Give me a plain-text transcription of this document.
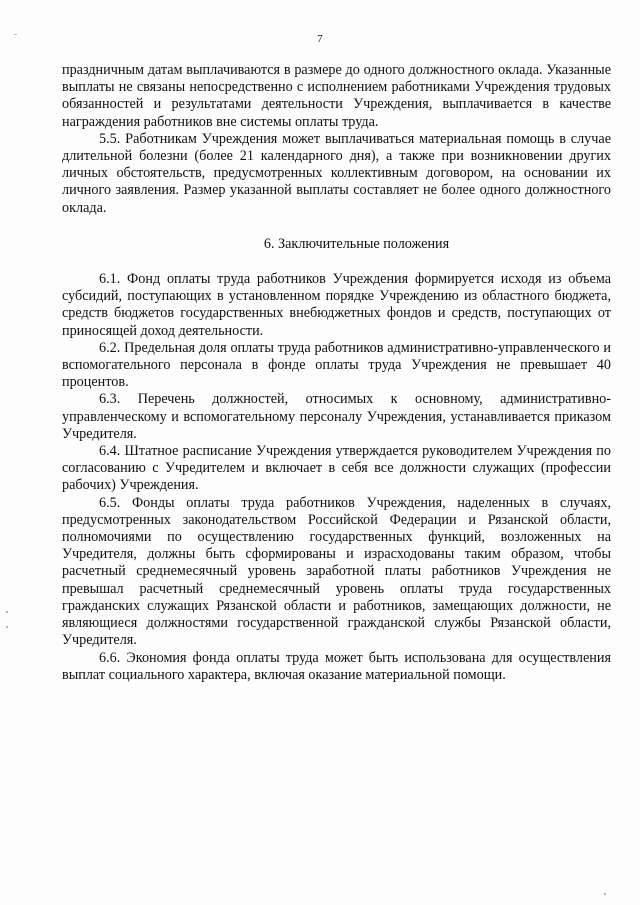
7

праздничным датам выплачиваются в размере до одного должностного оклада. Указанные выплаты не связаны непосредственно с исполнением работниками Учреждения трудовых обязанностей и результатами деятельности Учреждения, выплачивается в качестве награждения работников вне системы оплаты труда.

5.5. Работникам Учреждения может выплачиваться материальная помощь в случае длительной болезни (более 21 календарного дня), а также при возникновении других личных обстоятельств, предусмотренных коллективным договором, на основании их личного заявления. Размер указанной выплаты составляет не более одного должностного оклада.

6. Заключительные положения

6.1. Фонд оплаты труда работников Учреждения формируется исходя из объема субсидий, поступающих в установленном порядке Учреждению из областного бюджета, средств бюджетов государственных внебюджетных фондов и средств, поступающих от приносящей доход деятельности.

6.2. Предельная доля оплаты труда работников административно-управленческого и вспомогательного персонала в фонде оплаты труда Учреждения не превышает 40 процентов.

6.3. Перечень должностей, относимых к основному, административно-управленческому и вспомогательному персоналу Учреждения, устанавливается приказом Учредителя.

6.4. Штатное расписание Учреждения утверждается руководителем Учреждения по согласованию с Учредителем и включает в себя все должности служащих (профессии рабочих) Учреждения.

6.5. Фонды оплаты труда работников Учреждения, наделенных в случаях, предусмотренных законодательством Российской Федерации и Рязанской области, полномочиями по осуществлению государственных функций, возложенных на Учредителя, должны быть сформированы и израсходованы таким образом, чтобы расчетный среднемесячный уровень заработной платы работников Учреждения не превышал расчетный среднемесячный уровень оплаты труда государственных гражданских служащих Рязанской области и работников, замещающих должности, не являющиеся должностями государственной гражданской службы Рязанской области, Учредителя.

6.6. Экономия фонда оплаты труда может быть использована для осуществления выплат социального характера, включая оказание материальной помощи.
